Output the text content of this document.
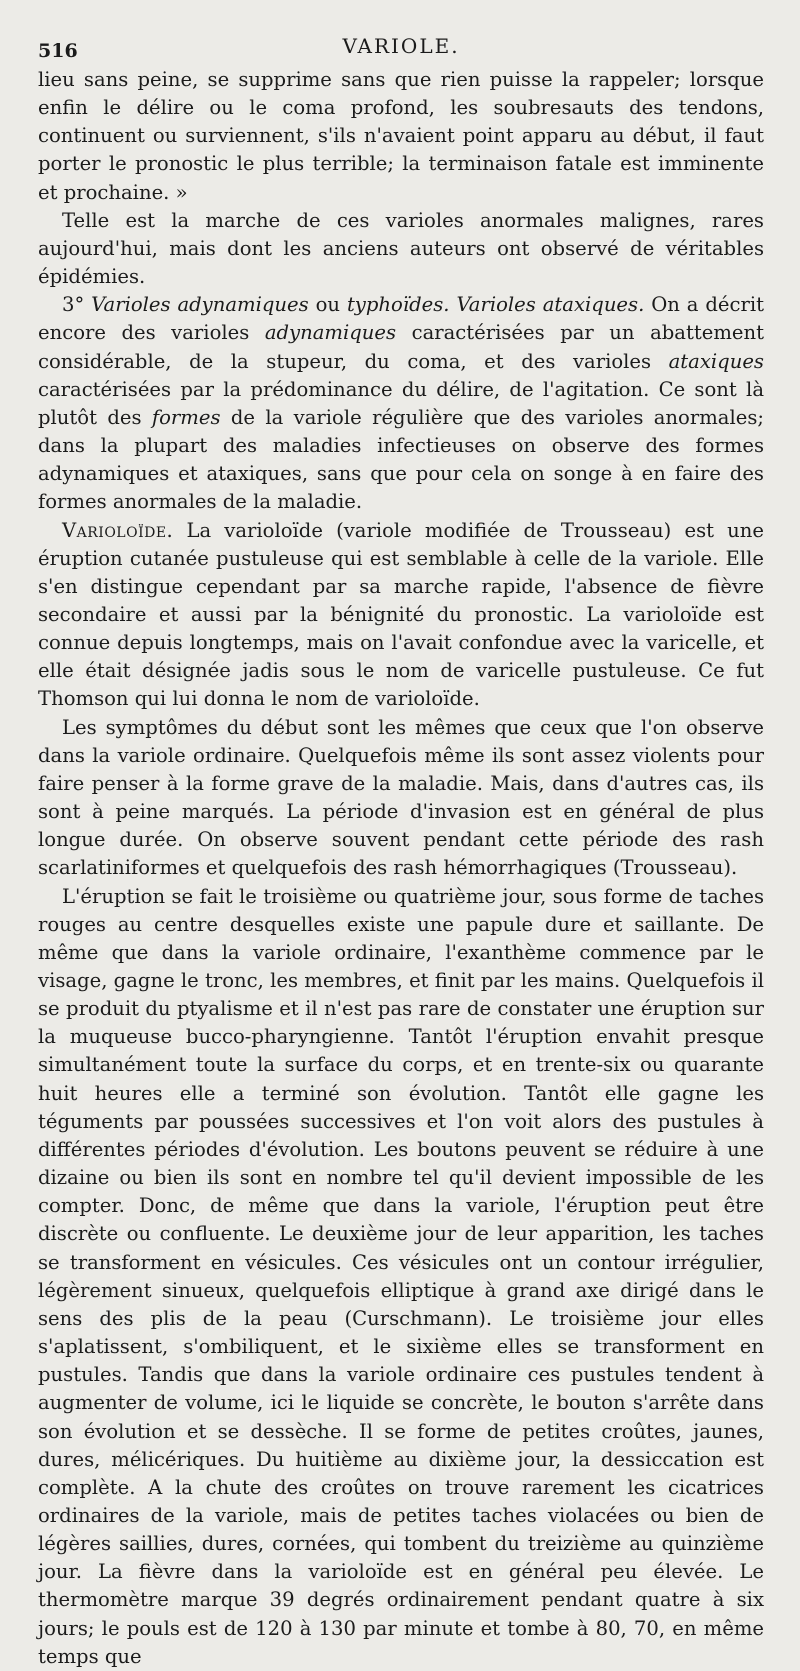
516	VARIOLE.

lieu sans peine, se supprime sans que rien puisse la rappeler; lorsque enfin le délire ou le coma profond, les soubresauts des tendons, continuent ou surviennent, s'ils n'avaient point apparu au début, il faut porter le pronostic le plus terrible; la terminaison fatale est imminente et prochaine. »

Telle est la marche de ces varioles anormales malignes, rares aujourd'hui, mais dont les anciens auteurs ont observé de véritables épidémies.

3° Varioles adynamiques ou typhoïdes. Varioles ataxiques. On a décrit encore des varioles adynamiques caractérisées par un abattement considérable, de la stupeur, du coma, et des varioles ataxiques caractérisées par la prédominance du délire, de l'agitation. Ce sont là plutôt des formes de la variole régulière que des varioles anormales; dans la plupart des maladies infectieuses on observe des formes adynamiques et ataxiques, sans que pour cela on songe à en faire des formes anormales de la maladie.

Varioloïde. La varioloïde (variole modifiée de Trousseau) est une éruption cutanée pustuleuse qui est semblable à celle de la variole. Elle s'en distingue cependant par sa marche rapide, l'absence de fièvre secondaire et aussi par la bénignité du pronostic. La varioloïde est connue depuis longtemps, mais on l'avait confondue avec la varicelle, et elle était désignée jadis sous le nom de varicelle pustuleuse. Ce fut Thomson qui lui donna le nom de varioloïde.

Les symptômes du début sont les mêmes que ceux que l'on observe dans la variole ordinaire. Quelquefois même ils sont assez violents pour faire penser à la forme grave de la maladie. Mais, dans d'autres cas, ils sont à peine marqués. La période d'invasion est en général de plus longue durée. On observe souvent pendant cette période des rash scarlatiniformes et quelquefois des rash hémorrhagiques (Trousseau).

L'éruption se fait le troisième ou quatrième jour, sous forme de taches rouges au centre desquelles existe une papule dure et saillante. De même que dans la variole ordinaire, l'exanthème commence par le visage, gagne le tronc, les membres, et finit par les mains. Quelquefois il se produit du ptyalisme et il n'est pas rare de constater une éruption sur la muqueuse bucco-pharyngienne. Tantôt l'éruption envahit presque simultanément toute la surface du corps, et en trente-six ou quarante huit heures elle a terminé son évolution. Tantôt elle gagne les téguments par poussées successives et l'on voit alors des pustules à différentes périodes d'évolution. Les boutons peuvent se réduire à une dizaine ou bien ils sont en nombre tel qu'il devient impossible de les compter. Donc, de même que dans la variole, l'éruption peut être discrète ou confluente. Le deuxième jour de leur apparition, les taches se transforment en vésicules. Ces vésicules ont un contour irrégulier, légèrement sinueux, quelquefois elliptique à grand axe dirigé dans le sens des plis de la peau (Curschmann). Le troisième jour elles s'aplatissent, s'ombiliquent, et le sixième elles se transforment en pustules. Tandis que dans la variole ordinaire ces pustules tendent à augmenter de volume, ici le liquide se concrète, le bouton s'arrête dans son évolution et se dessèche. Il se forme de petites croûtes, jaunes, dures, mélicériques. Du huitième au dixième jour, la dessiccation est complète. A la chute des croûtes on trouve rarement les cicatrices ordinaires de la variole, mais de petites taches violacées ou bien de légères saillies, dures, cornées, qui tombent du treizième au quinzième jour. La fièvre dans la varioloïde est en général peu élevée. Le thermomètre marque 39 degrés ordinairement pendant quatre à six jours; le pouls est de 120 à 130 par minute et tombe à 80, 70, en même temps que
